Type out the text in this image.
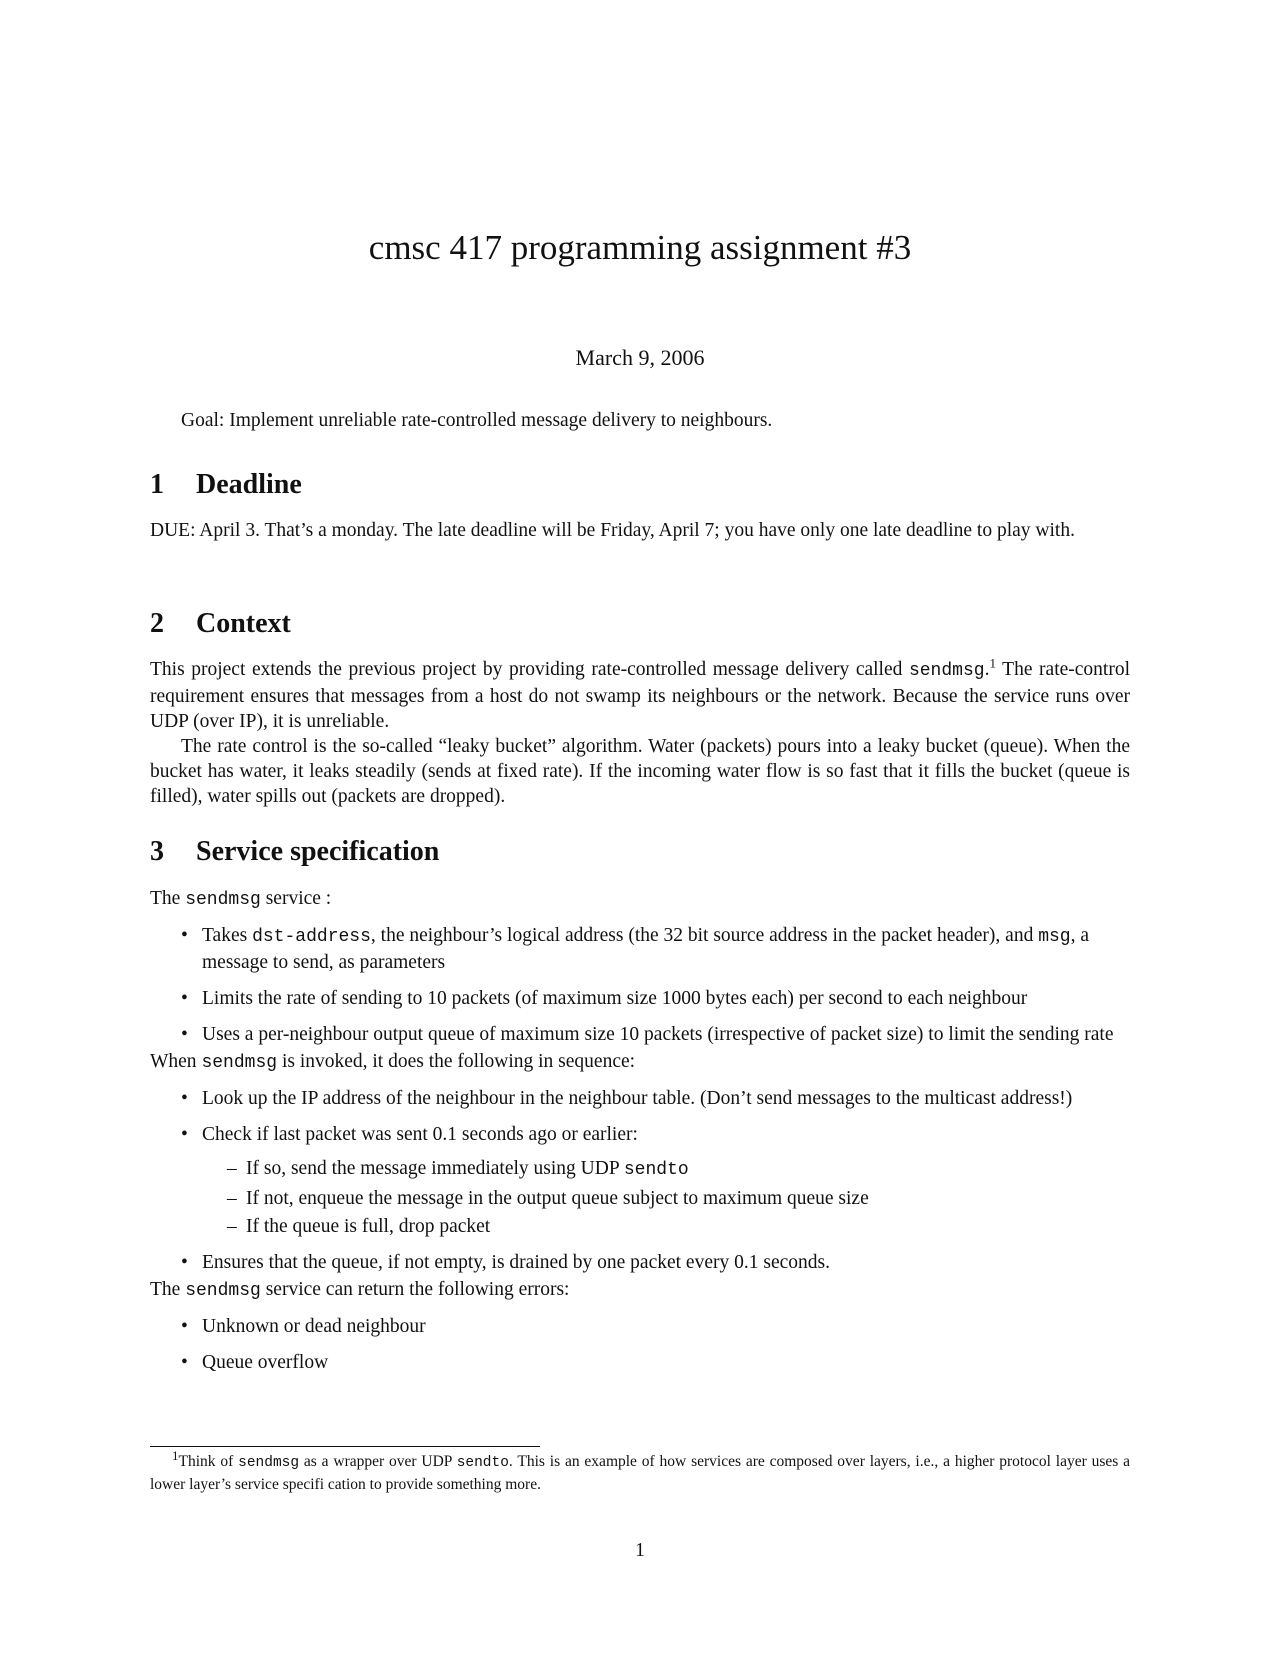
cmsc 417 programming assignment #3
March 9, 2006

Goal: Implement unreliable rate-controlled message delivery to neighbours.

1 Deadline

DUE: April 3. That’s a monday. The late deadline will be Friday, April 7; you have only one late deadline to play with.

2 Context

This project extends the previous project by providing rate-controlled message delivery called sendmsg.$^1$ The rate-control requirement ensures that messages from a host do not swamp its neighbours or the network. Because the service runs over UDP (over IP), it is unreliable.

The rate control is the so-called “leaky bucket” algorithm. Water (packets) pours into a leaky bucket (queue). When the bucket has water, it leaks steadily (sends at fixed rate). If the incoming water flow is so fast that it fills the bucket (queue is filled), water spills out (packets are dropped).

3 Service specification

The sendmsg service :

• Takes dst-address, the neighbour’s logical address (the 32 bit source address in the packet header), and msg, a message to send, as parameters
• Limits the rate of sending to 10 packets (of maximum size 1000 bytes each) per second to each neighbour
• Uses a per-neighbour output queue of maximum size 10 packets (irrespective of packet size) to limit the sending rate

When sendmsg is invoked, it does the following in sequence:

• Look up the IP address of the neighbour in the neighbour table. (Don’t send messages to the multicast address!)
• Check if last packet was sent 0.1 seconds ago or earlier:
– If so, send the message immediately using UDP sendto
– If not, enqueue the message in the output queue subject to maximum queue size
– If the queue is full, drop packet
• Ensures that the queue, if not empty, is drained by one packet every 0.1 seconds.

The sendmsg service can return the following errors:

• Unknown or dead neighbour
• Queue overflow
$^1$Think of sendmsg as a wrapper over UDP sendto. This is an example of how services are composed over layers, i.e., a higher protocol layer uses a lower layer’s service specifi cation to provide something more.
1
